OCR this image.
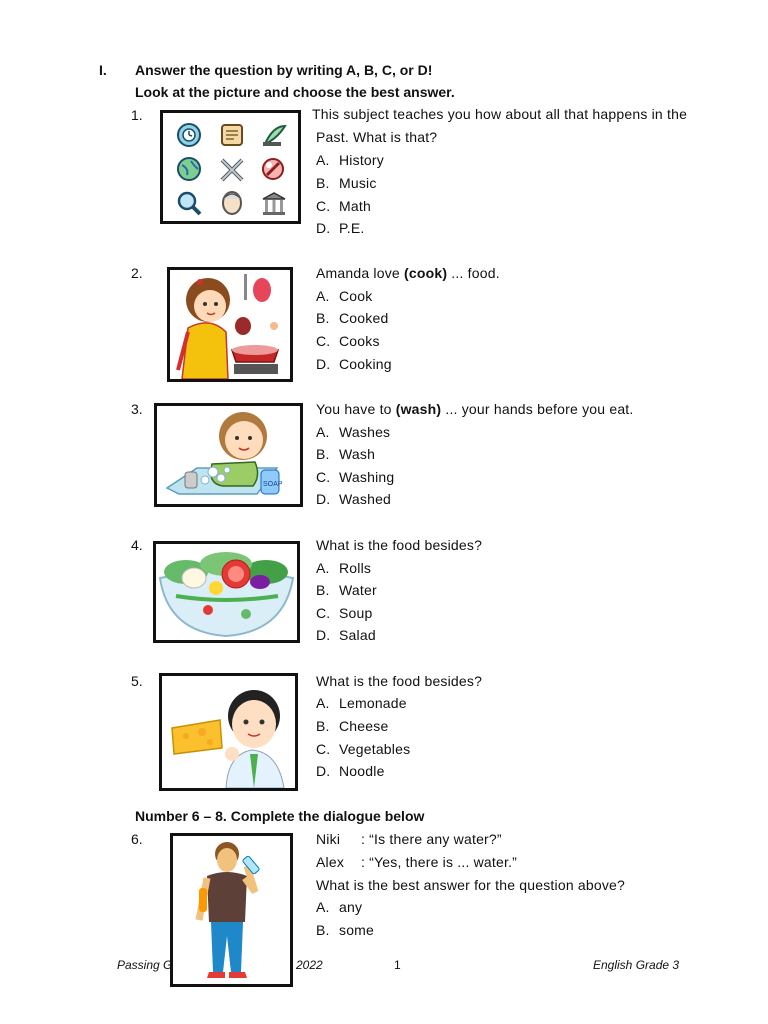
I. Answer the question by writing A, B, C, or D!
Look at the picture and choose the best answer.
1.	This subject teaches you how about all that happens in the
Past. What is that?
A. History
B. Music
C. Math
D. P.E.
2.	Amanda love (cook) ... food.
A. Cook
B. Cooked
C. Cooks
D. Cooking
3.
SOAP
You have to (wash) ... your hands before you eat.
A. Washes
B. Wash
C. Washing
D. Washed
4.	What is the food besides?
A. Rolls
B. Water
C. Soup
D. Salad
5.	What is the food besides?
A. Lemonade
B. Cheese
C. Vegetables
D. Noodle
Number 6 – 8. Complete the dialogue below
6.	Niki : “Is there any water?”
Alex : “Yes, there is ... water.”
What is the best answer for the question above?
A. any
B. some
Passing G	2022	1	English Grade 3
